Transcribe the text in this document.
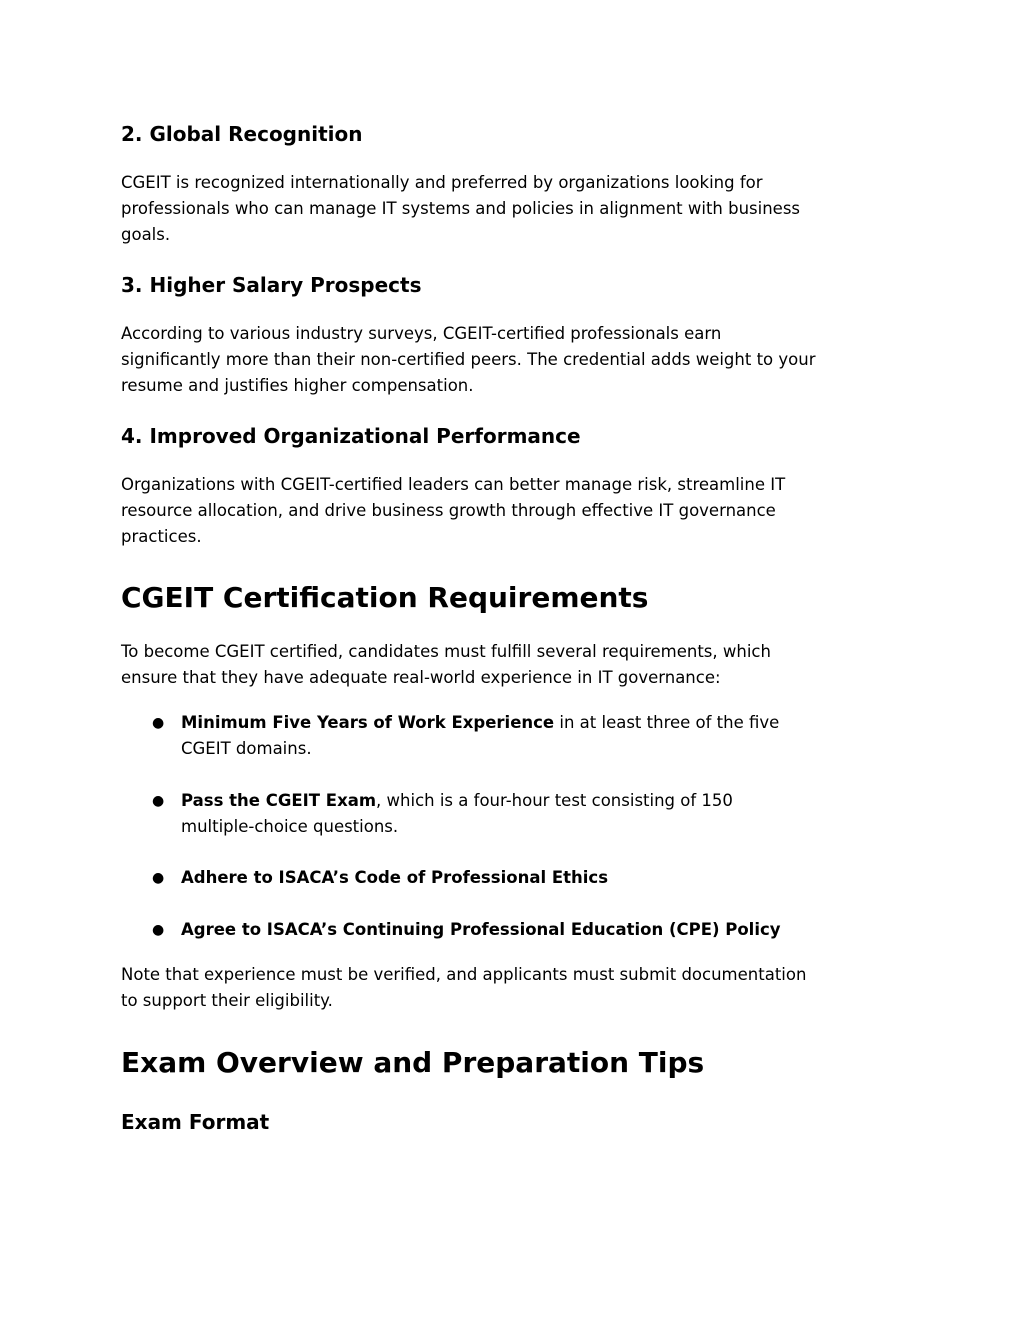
2. Global Recognition
CGEIT is recognized internationally and preferred by organizations looking for
professionals who can manage IT systems and policies in alignment with business
goals.
3. Higher Salary Prospects
According to various industry surveys, CGEIT-certified professionals earn
significantly more than their non-certified peers. The credential adds weight to your
resume and justifies higher compensation.
4. Improved Organizational Performance
Organizations with CGEIT-certified leaders can better manage risk, streamline IT
resource allocation, and drive business growth through effective IT governance
practices.
CGEIT Certification Requirements
To become CGEIT certified, candidates must fulfill several requirements, which
ensure that they have adequate real-world experience in IT governance:
● Minimum Five Years of Work Experience in at least three of the five
CGEIT domains.
● Pass the CGEIT Exam, which is a four-hour test consisting of 150
multiple-choice questions.
● Adhere to ISACA’s Code of Professional Ethics
● Agree to ISACA’s Continuing Professional Education (CPE) Policy
Note that experience must be verified, and applicants must submit documentation
to support their eligibility.
Exam Overview and Preparation Tips
Exam Format
